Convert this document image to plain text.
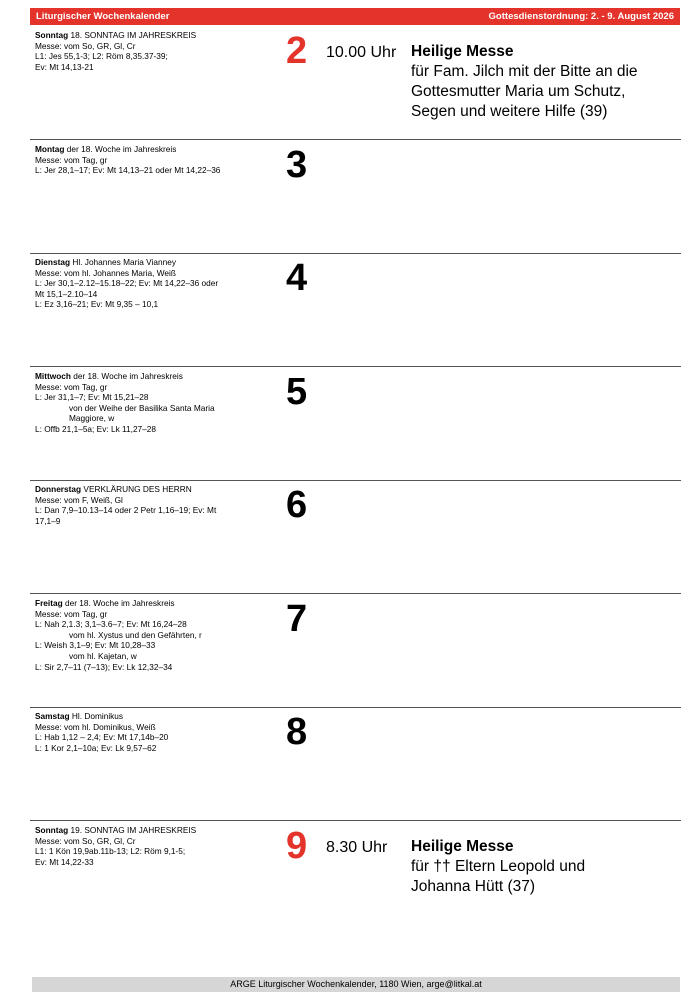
Liturgischer Wochenkalender	Gottesdienstordnung: 2. - 9. August 2026
Sonntag 18. SONNTAG IM JAHRESKREIS
Messe: vom So, GR, Gl, Cr
L1: Jes 55,1-3; L2: Röm 8,35.37-39;
Ev: Mt 14,13-21	2 10.00 Uhr Heilige Messe
für Fam. Jilch mit der Bitte an die
Gottesmutter Maria um Schutz,
Segen und weitere Hilfe (39)
Montag der 18. Woche im Jahreskreis
Messe: vom Tag, gr
L: Jer 28,1–17; Ev: Mt 14,13–21 oder Mt 14,22–36	3
Dienstag Hl. Johannes Maria Vianney
Messe: vom hl. Johannes Maria, Weiß
L: Jer 30,1–2.12–15.18–22; Ev: Mt 14,22–36 oder
Mt 15,1–2.10–14
L: Ez 3,16–21; Ev: Mt 9,35 – 10,1
4
Mittwoch der 18. Woche im Jahreskreis
Messe: vom Tag, gr
L: Jer 31,1–7; Ev: Mt 15,21–28
von der Weihe der Basilika Santa Maria
Maggiore, w
L: Offb 21,1–5a; Ev: Lk 11,27–28
5
Donnerstag VERKLÄRUNG DES HERRN
Messe: vom F, Weiß, Gl
L: Dan 7,9–10.13–14 oder 2 Petr 1,16–19; Ev: Mt
17,1–9	6
Freitag der 18. Woche im Jahreskreis
Messe: vom Tag, gr
L: Nah 2,1.3; 3,1–3.6–7; Ev: Mt 16,24–28
vom hl. Xystus und den Gefährten, r
L: Weish 3,1–9; Ev: Mt 10,28–33
vom hl. Kajetan, w
L: Sir 2,7–11 (7–13); Ev: Lk 12,32–34
7
Samstag Hl. Dominikus
Messe: vom hl. Dominikus, Weiß
L: Hab 1,12 – 2,4; Ev: Mt 17,14b–20
L: 1 Kor 2,1–10a; Ev: Lk 9,57–62	8
Sonntag 19. SONNTAG IM JAHRESKREIS
Messe: vom So, GR, Gl, Cr
L1: 1 Kön 19,9ab.11b-13; L2: Röm 9,1-5;
Ev: Mt 14,22-33	9 8.30 Uhr Heilige Messe
für †† Eltern Leopold und
Johanna Hütt (37)
ARGE Liturgischer Wochenkalender, 1180 Wien, arge@litkal.at
